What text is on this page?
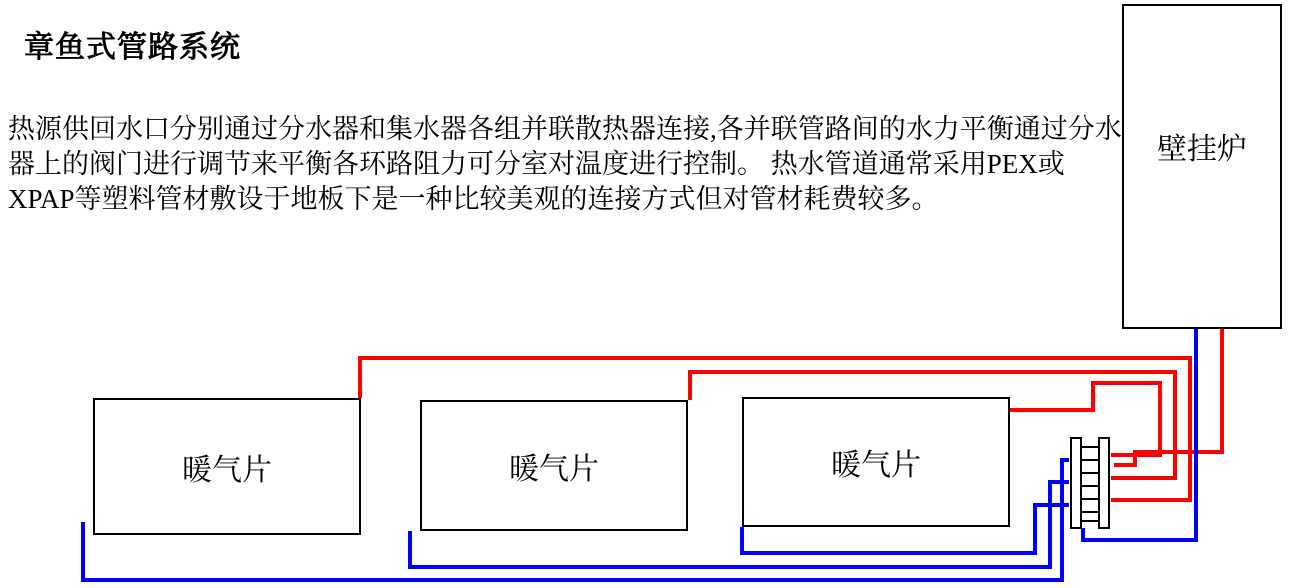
章鱼式管路系统
热源供回水口分别通过分水器和集水器各组并联散热器连接,各并联管路间的水力平衡通过分水器上的阀门进行调节来平衡各环路阻力可分室对温度进行控制。 热水管道通常采用PEX或XPAP等塑料管材敷设于地板下是一种比较美观的连接方式但对管材耗费较多。
壁挂炉
暖气片	暖气片	暖气片
